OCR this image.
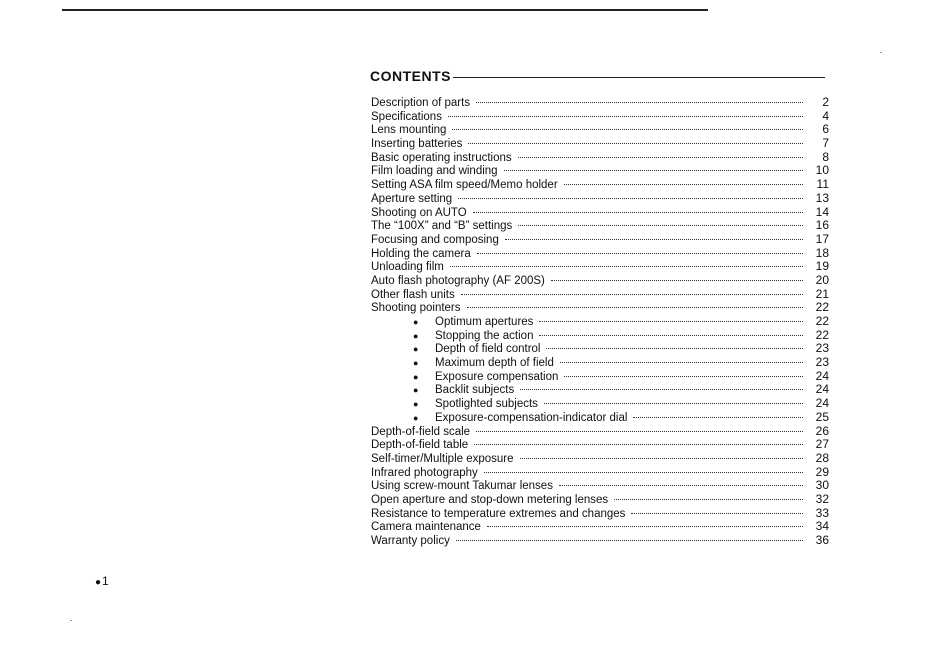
CONTENTS
Description of parts	2
Specifications	4
Lens mounting	6
Inserting batteries	7
Basic operating instructions	8
Film loading and winding	10
Setting ASA film speed/Memo holder	11
Aperture setting	13
Shooting on AUTO	14
The “100X” and “B” settings	16
Focusing and composing	17
Holding the camera	18
Unloading film	19
Auto flash photography (AF 200S)	20
Other flash units	21
Shooting pointers	22
●	Optimum apertures	22
●	Stopping the action	22
●	Depth of field control	23
●	Maximum depth of field	23
●	Exposure compensation	24
●	Backlit subjects	24
●	Spotlighted subjects	24
●	Exposure-compensation-indicator dial	25
Depth-of-field scale	26
Depth-of-field table	27
Self-timer/Multiple exposure	28
Infrared photography	29
Using screw-mount Takumar lenses	30
Open aperture and stop-down metering lenses	32
Resistance to temperature extremes and changes	33
Camera maintenance	34
Warranty policy	36
●1
